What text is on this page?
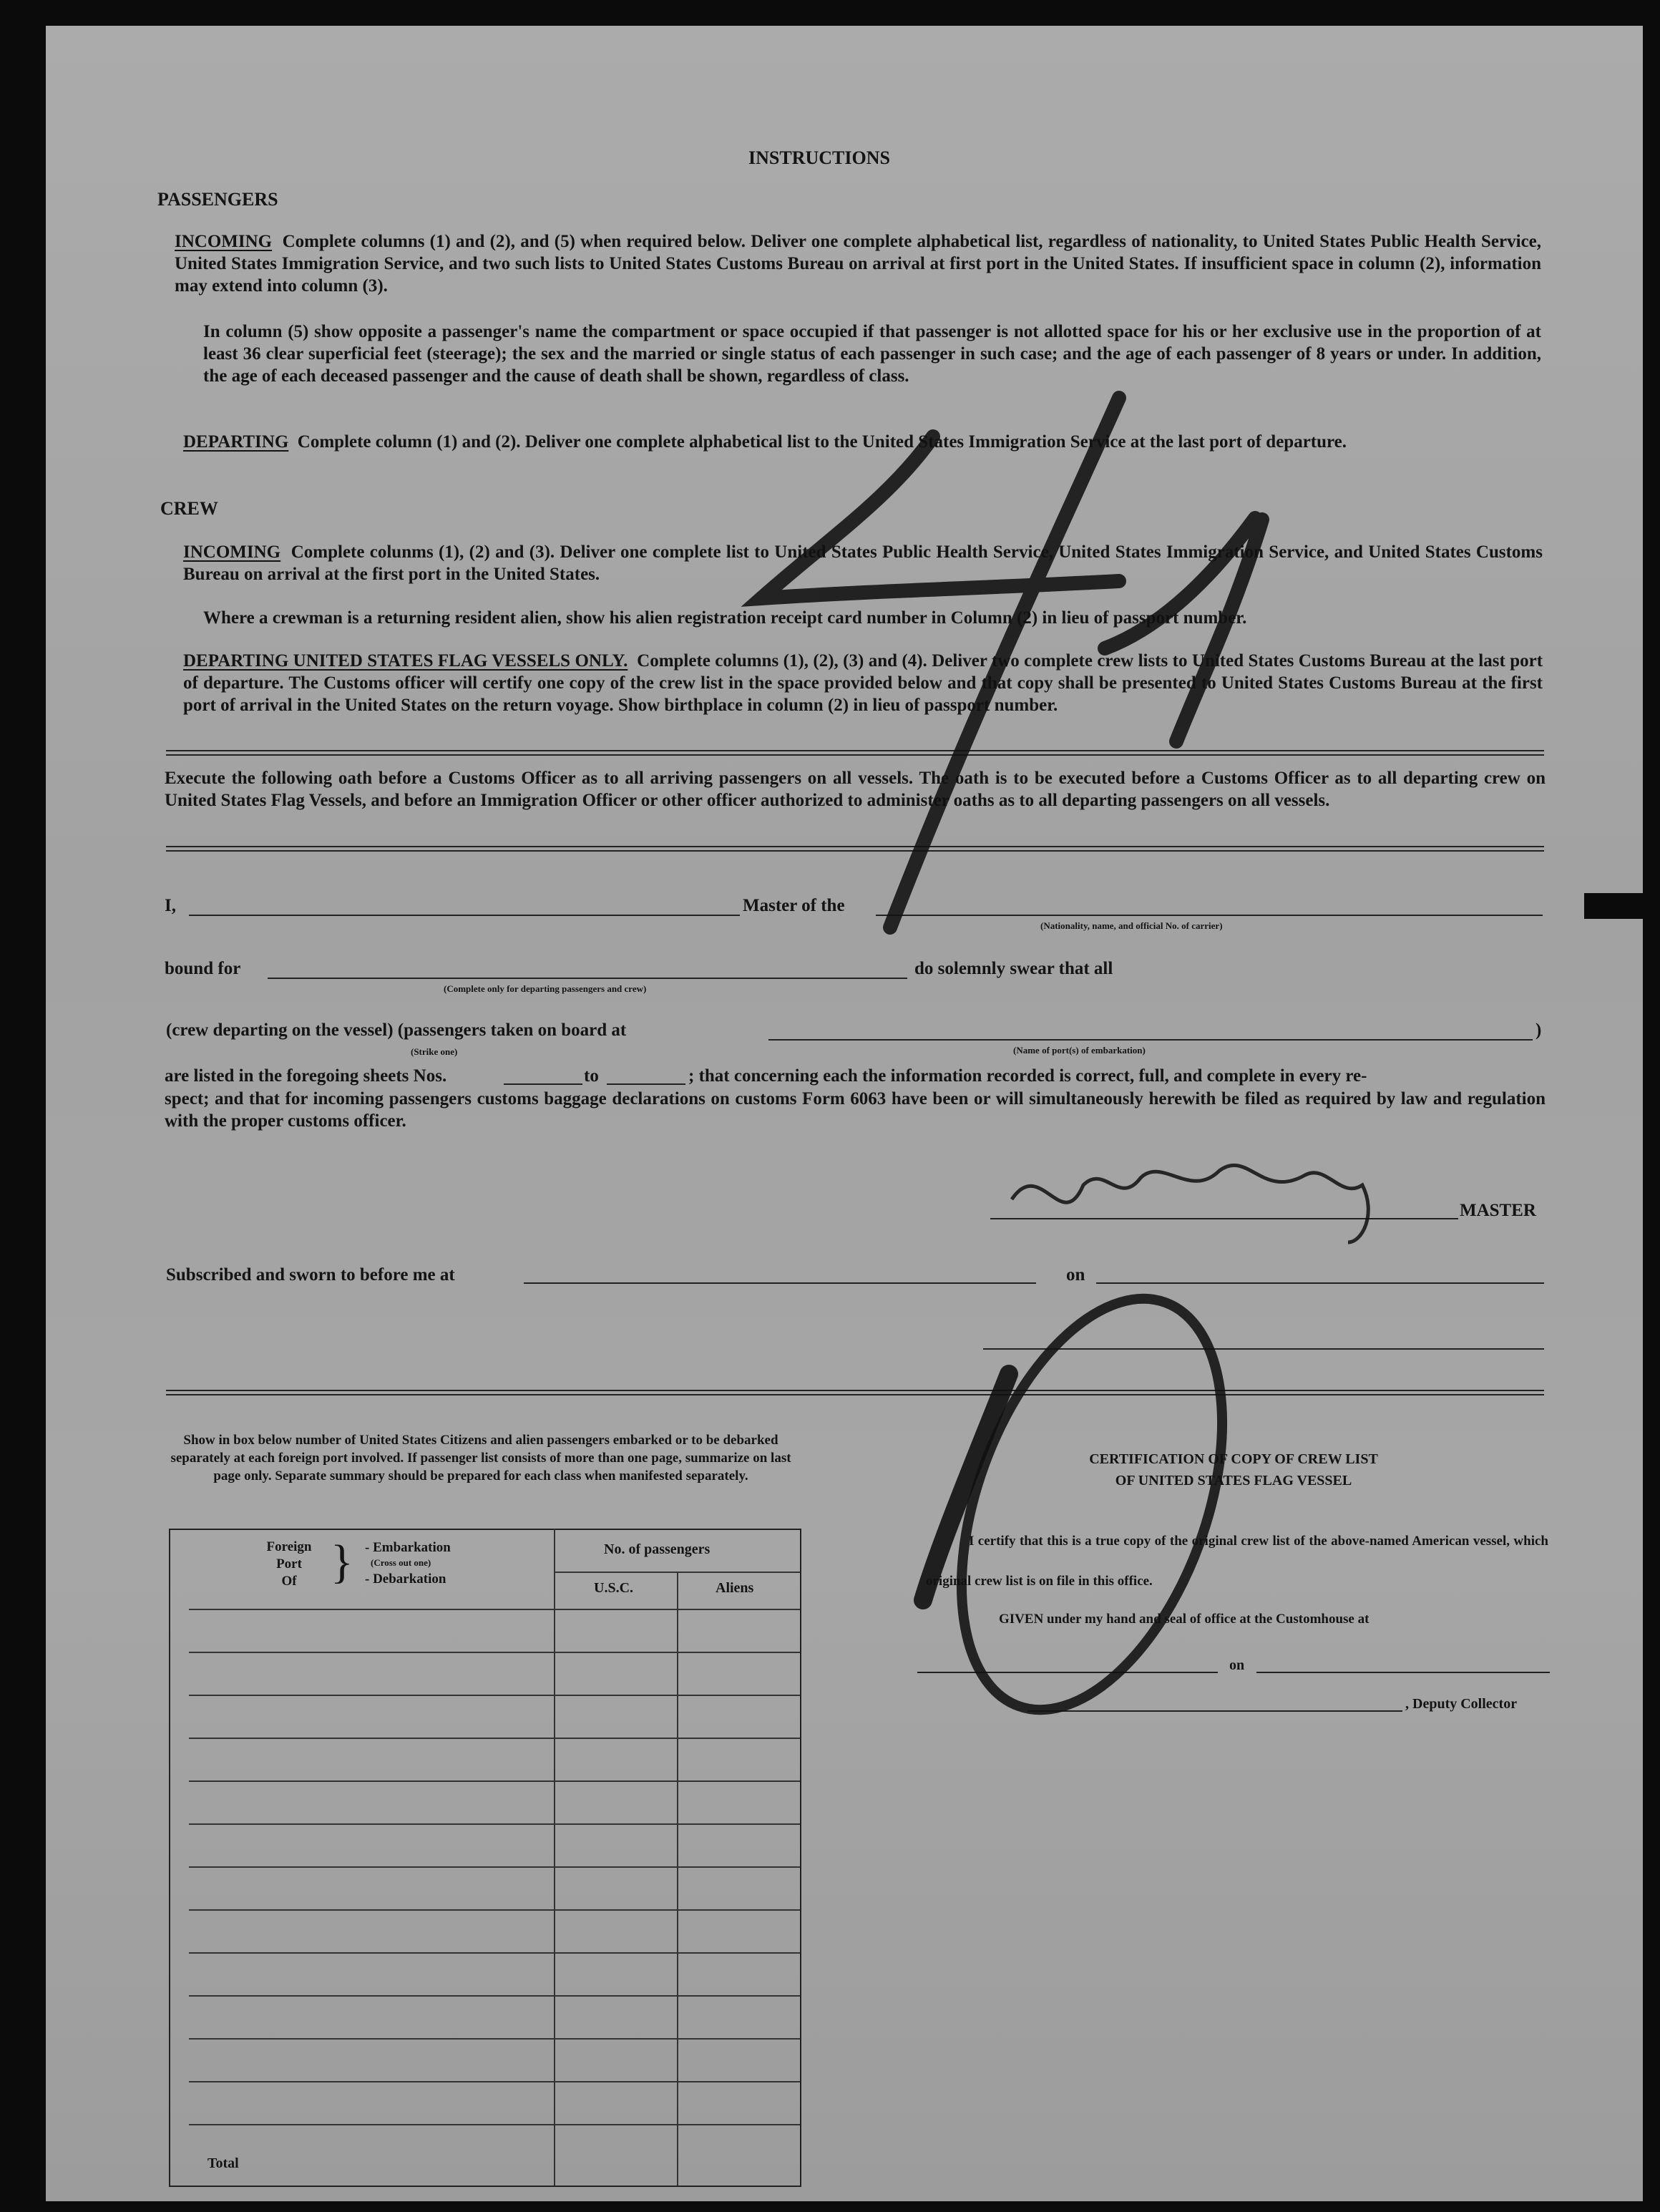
INSTRUCTIONS
PASSENGERS
INCOMING Complete columns (1) and (2), and (5) when required below. Deliver one complete alphabetical list, regardless of nationality, to United States Public Health Service, United States Immigration Service, and two such lists to United States Customs Bureau on arrival at first port in the United States. If insufficient space in column (2), information may extend into column (3).
In column (5) show opposite a passenger's name the compartment or space occupied if that passenger is not allotted space for his or her exclusive use in the proportion of at least 36 clear superficial feet (steerage); the sex and the married or single status of each passenger in such case; and the age of each passenger of 8 years or under. In addition, the age of each deceased passenger and the cause of death shall be shown, regardless of class.
DEPARTING Complete column (1) and (2). Deliver one complete alphabetical list to the United States Immigration Service at the last port of departure.
CREW
INCOMING Complete colunms (1), (2) and (3). Deliver one complete list to United States Public Health Service, United States Immigration Service, and United States Customs Bureau on arrival at the first port in the United States.
Where a crewman is a returning resident alien, show his alien registration receipt card number in Column (2) in lieu of passport number.
DEPARTING UNITED STATES FLAG VESSELS ONLY. Complete columns (1), (2), (3) and (4). Deliver two complete crew lists to United States Customs Bureau at the last port of departure. The Customs officer will certify one copy of the crew list in the space provided below and that copy shall be presented to United States Customs Bureau at the first port of arrival in the United States on the return voyage. Show birthplace in column (2) in lieu of passport number.
Execute the following oath before a Customs Officer as to all arriving passengers on all vessels. The oath is to be executed before a Customs Officer as to all departing crew on United States Flag Vessels, and before an Immigration Officer or other officer authorized to administer oaths as to all departing passengers on all vessels.
I,	Master of the
(Nationality, name, and official No. of carrier)
bound for
(Complete only for departing passengers and crew)
do solemnly swear that all
(crew departing on the vessel) (passengers taken on board at
(Strike one)	(Name of port(s) of embarkation)
)
are listed in the foregoing sheets Nos.	to	; that concerning each the information recorded is correct, full, and complete in every re-
spect; and that for incoming passengers customs baggage declarations on customs Form 6063 have been or will simultaneously herewith be filed as required by law and regulation with the proper customs officer.
MASTER
Subscribed and sworn to before me at	on
Show in box below number of United States Citizens and alien passengers embarked or to be debarked separately at each foreign port involved. If passenger list consists of more than one page, summarize on last page only. Separate summary should be prepared for each class when manifested separately.
Foreign
Port
Of } - Embarkation
(Cross out one)
- Debarkation
No. of passengers
U.S.C.	Aliens
Total
CERTIFICATION OF COPY OF CREW LIST
OF UNITED STATES FLAG VESSEL
I certify that this is a true copy of the original crew list of the above-named American vessel, which original crew list is on file in this office.
GIVEN under my hand and seal of office at the Customhouse at
on
, Deputy Collector
